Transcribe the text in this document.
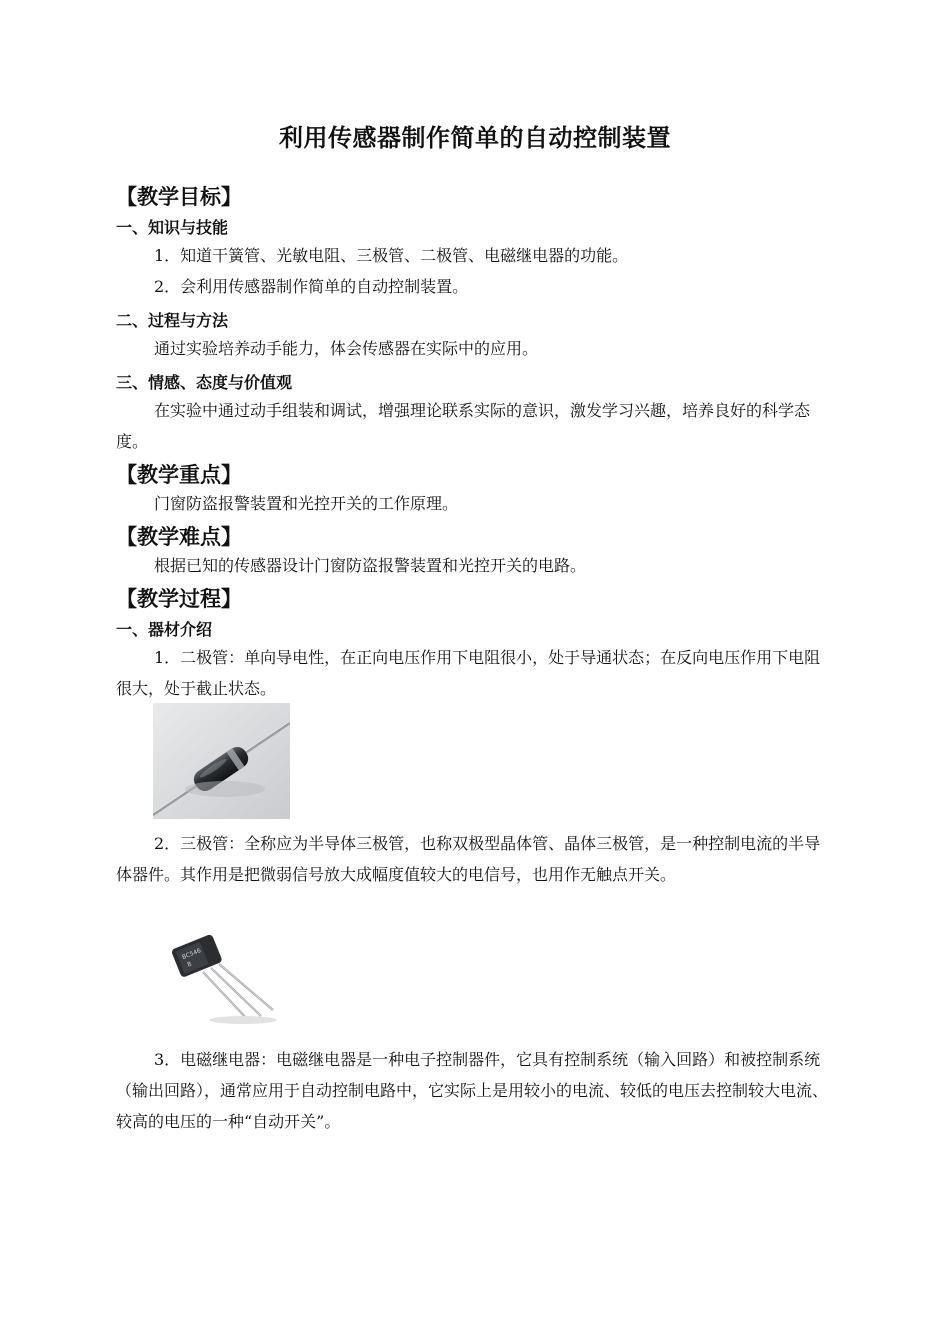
利用传感器制作简单的自动控制装置
【教学目标】
一、知识与技能
1．知道干簧管、光敏电阻、三极管、二极管、电磁继电器的功能。
2．会利用传感器制作简单的自动控制装置。
二、过程与方法
通过实验培养动手能力，体会传感器在实际中的应用。
三、情感、态度与价值观
在实验中通过动手组装和调试，增强理论联系实际的意识，激发学习兴趣，培养良好的科学态度。
【教学重点】
门窗防盗报警装置和光控开关的工作原理。
【教学难点】
根据已知的传感器设计门窗防盗报警装置和光控开关的电路。
【教学过程】
一、器材介绍
1．二极管：单向导电性，在正向电压作用下电阻很小，处于导通状态；在反向电压作用下电阻很大，处于截止状态。
2．三极管：全称应为半导体三极管，也称双极型晶体管、晶体三极管，是一种控制电流的半导体器件。其作用是把微弱信号放大成幅度值较大的电信号，也用作无触点开关。
BC546
B
3．电磁继电器：电磁继电器是一种电子控制器件，它具有控制系统（输入回路）和被控制系统（输出回路），通常应用于自动控制电路中，它实际上是用较小的电流、较低的电压去控制较大电流、较高的电压的一种“自动开关”。
